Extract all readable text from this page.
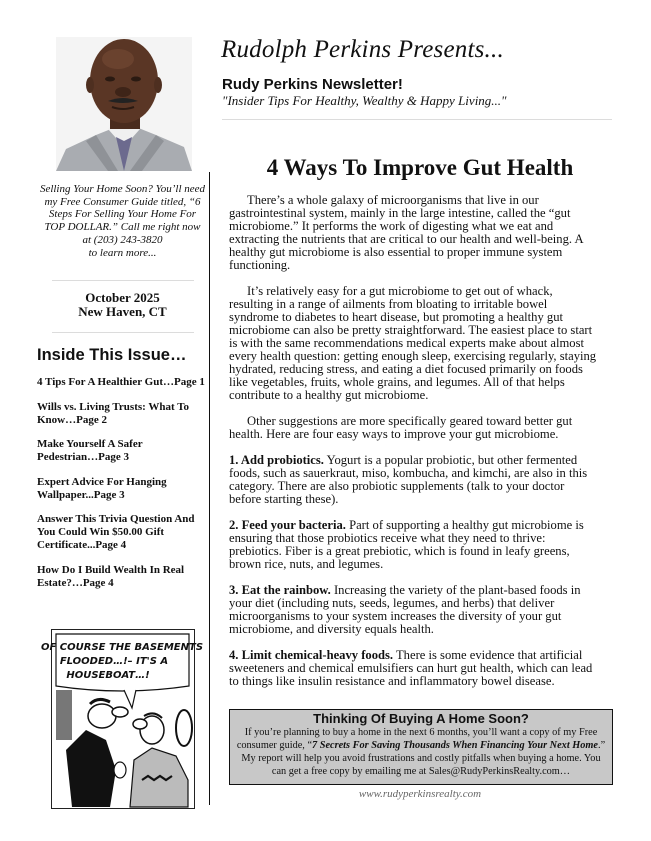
Rudolph Perkins Presents...
Rudy Perkins Newsletter!
"Insider Tips For Healthy, Wealthy & Happy Living..."
Selling Your Home Soon? You’ll need
my Free Consumer Guide titled, “6
Steps For Selling Your Home For
TOP DOLLAR.” Call me right now
at (203) 243-3820
to learn more...
October 2025
New Haven, CT
Inside This Issue…
4 Tips For A Healthier Gut…Page 1
Wills vs. Living Trusts: What To Know…Page 2
Make Yourself A Safer Pedestrian…Page 3
Expert Advice For Hanging Wallpaper...Page 3
Answer This Trivia Question And You Could Win $50.00 Gift Certificate...Page 4
How Do I Build Wealth In Real Estate?…Page 4
OF COURSE THE BASEMENTS
FLOODED…!– IT'S A
HOUSEBOAT…!
4 Ways To Improve Gut Health

There’s a whole galaxy of microorganisms that live in our gastrointestinal system, mainly in the large intestine, called the “gut microbiome.” It performs the work of digesting what we eat and extracting the nutrients that are critical to our health and well-being. A healthy gut microbiome is also essential to proper immune system functioning.

It’s relatively easy for a gut microbiome to get out of whack, resulting in a range of ailments from bloating to irritable bowel syndrome to diabetes to heart disease, but promoting a healthy gut microbiome can also be pretty straightforward. The easiest place to start is with the same recommendations medical experts make about almost every health question: getting enough sleep, exercising regularly, staying hydrated, reducing stress, and eating a diet focused primarily on foods like vegetables, fruits, whole grains, and legumes. All of that helps contribute to a healthy gut microbiome.

Other suggestions are more specifically geared toward better gut health. Here are four easy ways to improve your gut microbiome.

1. Add probiotics. Yogurt is a popular probiotic, but other fermented foods, such as sauerkraut, miso, kombucha, and kimchi, are also in this category. There are also probiotic supplements (talk to your doctor before starting these).

2. Feed your bacteria. Part of supporting a healthy gut microbiome is ensuring that those probiotics receive what they need to thrive: prebiotics. Fiber is a great prebiotic, which is found in leafy greens, brown rice, nuts, and legumes.

3. Eat the rainbow. Increasing the variety of the plant-based foods in your diet (including nuts, seeds, legumes, and herbs) that deliver microorganisms to your system increases the diversity of your gut microbiome, and diversity equals health.

4. Limit chemical-heavy foods. There is some evidence that artificial sweeteners and chemical emulsifiers can hurt gut health, which can lead to things like insulin resistance and inflammatory bowel disease.

Thinking Of Buying A Home Soon?
If you’re planning to buy a home in the next 6 months, you’ll want a copy of my Free consumer guide, “7 Secrets For Saving Thousands When Financing Your Next Home.” My report will help you avoid frustrations and costly pitfalls when buying a home. You can get a free copy by emailing me at Sales@RudyPerkinsRealty.com…
www.rudyperkinsrealty.com
